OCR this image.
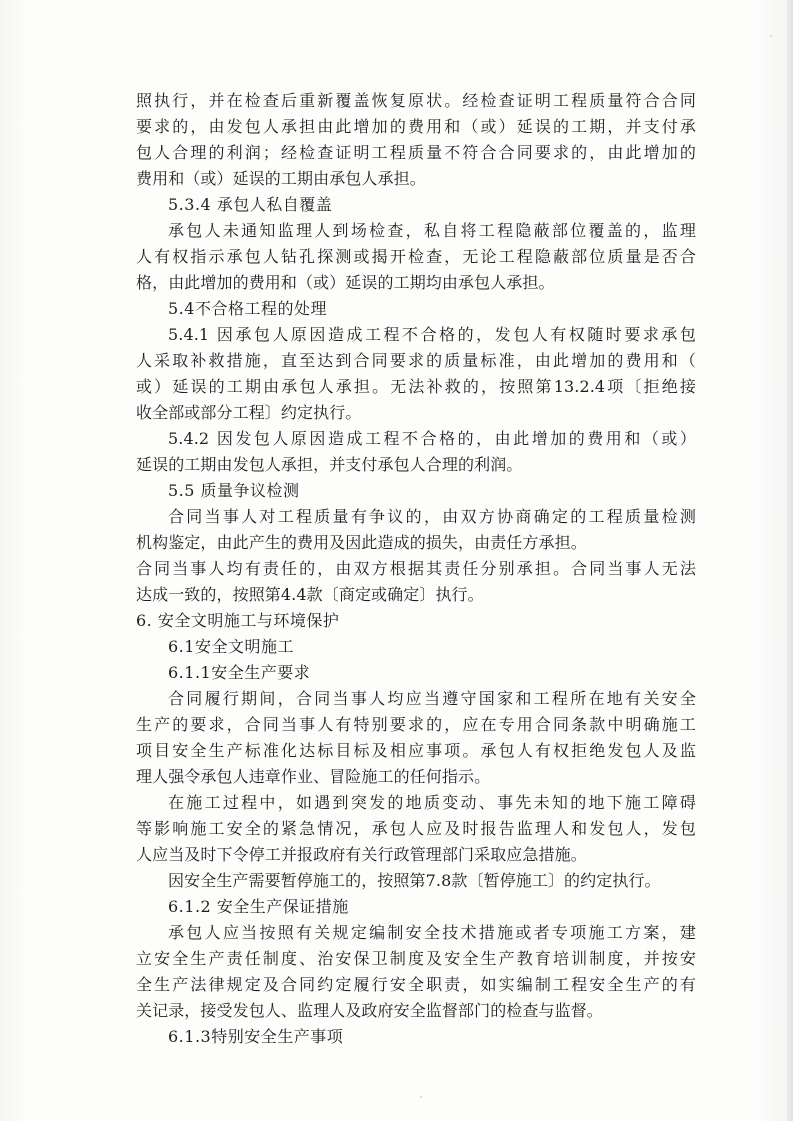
照执行，并在检查后重新覆盖恢复原状。经检查证明工程质量符合合同
要求的，由发包人承担由此增加的费用和（或）延误的工期，并支付承
包人合理的利润；经检查证明工程质量不符合合同要求的，由此增加的
费用和（或）延误的工期由承包人承担。
5.3.4 承包人私自覆盖
承包人未通知监理人到场检查，私自将工程隐蔽部位覆盖的，监理
人有权指示承包人钻孔探测或揭开检查，无论工程隐蔽部位质量是否合
格，由此增加的费用和（或）延误的工期均由承包人承担。
5.4不合格工程的处理
5.4.1 因承包人原因造成工程不合格的，发包人有权随时要求承包
人采取补救措施，直至达到合同要求的质量标准，由此增加的费用和（
或）延误的工期由承包人承担。无法补救的，按照第13.2.4项〔拒绝接
收全部或部分工程〕约定执行。
5.4.2 因发包人原因造成工程不合格的，由此增加的费用和（或）
延误的工期由发包人承担，并支付承包人合理的利润。
5.5 质量争议检测
合同当事人对工程质量有争议的，由双方协商确定的工程质量检测
机构鉴定，由此产生的费用及因此造成的损失，由责任方承担。
合同当事人均有责任的，由双方根据其责任分别承担。合同当事人无法
达成一致的，按照第4.4款〔商定或确定〕执行。
6. 安全文明施工与环境保护
6.1安全文明施工
6.1.1安全生产要求
合同履行期间，合同当事人均应当遵守国家和工程所在地有关安全
生产的要求，合同当事人有特别要求的，应在专用合同条款中明确施工
项目安全生产标准化达标目标及相应事项。承包人有权拒绝发包人及监
理人强令承包人违章作业、冒险施工的任何指示。
在施工过程中，如遇到突发的地质变动、事先未知的地下施工障碍
等影响施工安全的紧急情况，承包人应及时报告监理人和发包人，发包
人应当及时下令停工并报政府有关行政管理部门采取应急措施。
因安全生产需要暂停施工的，按照第7.8款〔暂停施工〕的约定执行。
6.1.2 安全生产保证措施
承包人应当按照有关规定编制安全技术措施或者专项施工方案，建
立安全生产责任制度、治安保卫制度及安全生产教育培训制度，并按安
全生产法律规定及合同约定履行安全职责，如实编制工程安全生产的有
关记录，接受发包人、监理人及政府安全监督部门的检查与监督。
6.1.3特别安全生产事项
